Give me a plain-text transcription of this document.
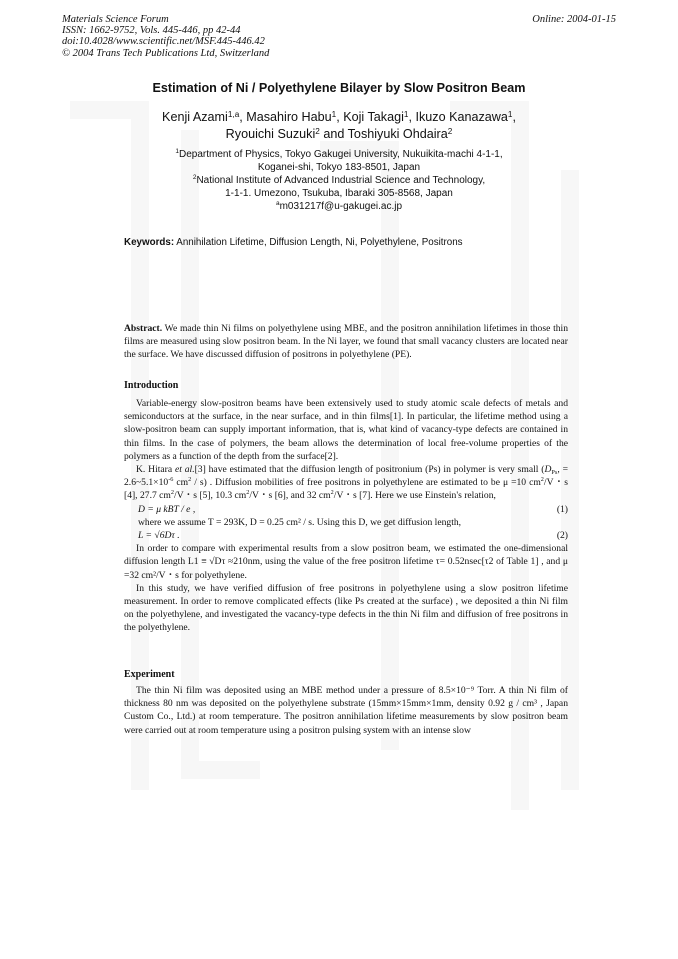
Materials Science Forum
ISSN: 1662-9752, Vols. 445-446, pp 42-44
doi:10.4028/www.scientific.net/MSF.445-446.42
© 2004 Trans Tech Publications Ltd, Switzerland
Online: 2004-01-15
Estimation of Ni / Polyethylene Bilayer by Slow Positron Beam
Kenji Azami$^{1,a}$, Masahiro Habu$^1$, Koji Takagi$^1$, Ikuzo Kanazawa$^1$,
Ryouichi Suzuki$^2$ and Toshiyuki Ohdaira$^2$
$^1$Department of Physics, Tokyo Gakugei University, Nukuikita-machi 4-1-1,
Koganei-shi, Tokyo 183-8501, Japan
$^2$National Institute of Advanced Industrial Science and Technology,
1-1-1. Umezono, Tsukuba, Ibaraki 305-8568, Japan
$^a$m031217f@u-gakugei.ac.jp
Keywords: Annihilation Lifetime, Diffusion Length, Ni, Polyethylene, Positrons

Abstract. We made thin Ni films on polyethylene using MBE, and the positron annihilation lifetimes in those thin films are measured using slow positron beam. In the Ni layer, we found that small vacancy clusters are located near the surface. We have discussed diffusion of positrons in polyethylene (PE).

Introduction

Variable-energy slow-positron beams have been extensively used to study atomic scale defects of metals and semiconductors at the surface, in the near surface, and in thin films[1]. In particular, the lifetime method using a slow-positron beam can supply important information, that is, what kind of vacancy-type defects are contained in thin films. In the case of polymers, the beam allows the determination of local free-volume properties of the polymers as a function of the depth from the surface[2].

K. Hitara et al.[3] have estimated that the diffusion length of positronium (Ps) in polymer is very small ($D_{Ps}$, = $2.6\sim 5.1\times 10^{-6}$ $cm^2 / s$) . Diffusion mobilities of free positrons in polyethylene are estimated to be μ =10 $cm^2/V$・s [4], 27.7 $cm^2/V$・s [5], 10.3 $cm^2/V$・s [6], and 32 $cm^2/V$・s [7]. Here we use Einstein's relation,

D = μ kBT / e ,	(1)

where we assume T = 293K, D = 0.25 cm² / s. Using this D, we get diffusion length,

L = √6Dτ .	(2)

In order to compare with experimental results from a slow positron beam, we estimated the one-dimensional diffusion length L1 ≡ √Dτ ≈210nm, using the value of the free positron lifetime τ= 0.52nsec[τ2 of Table 1] , and μ =32 cm²/V・s for polyethylene.

In this study, we have verified diffusion of free positrons in polyethylene using a slow positron lifetime measurement. In order to remove complicated effects (like Ps created at the surface) , we deposited a thin Ni film on the polyethylene, and investigated the vacancy-type defects in the thin Ni film and diffusion of free positrons in the polyethylene.

Experiment

The thin Ni film was deposited using an MBE method under a pressure of 8.5×10⁻⁹ Torr. A thin Ni film of thickness 80 nm was deposited on the polyethylene substrate (15mm×15mm×1mm, density 0.92 g / cm³ , Japan Custom Co., Ltd.) at room temperature. The positron annihilation lifetime measurements by slow positron beam were carried out at room temperature using a positron pulsing system with an intense slow
